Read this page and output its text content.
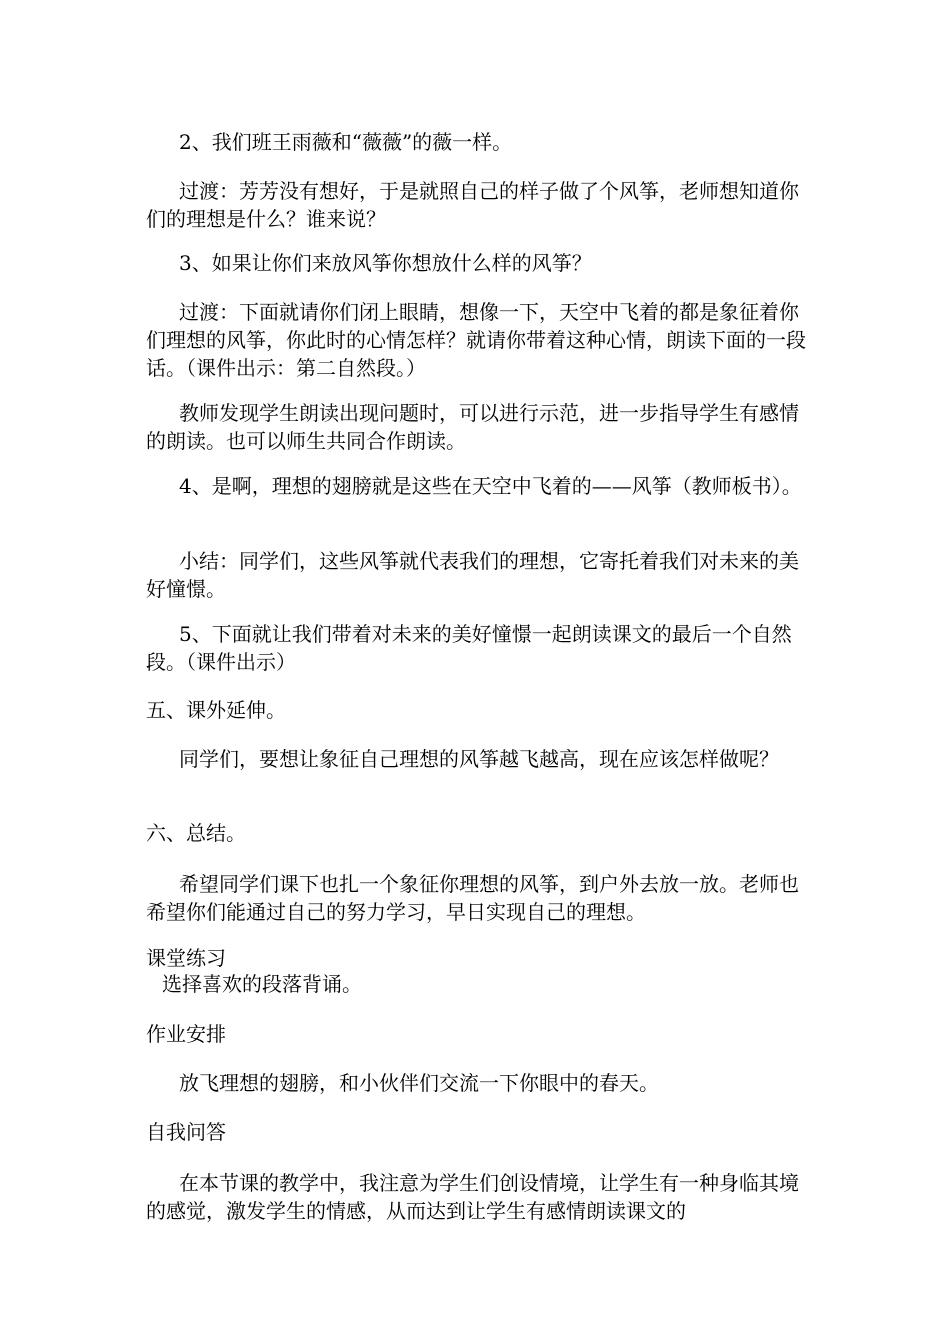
2、我们班王雨薇和“薇薇”的薇一样。

过渡：芳芳没有想好，于是就照自己的样子做了个风筝，老师想知道你们的理想是什么？谁来说？

3、如果让你们来放风筝你想放什么样的风筝？

过渡：下面就请你们闭上眼睛，想像一下，天空中飞着的都是象征着你们理想的风筝，你此时的心情怎样？就请你带着这种心情，朗读下面的一段话。（课件出示：第二自然段。）

教师发现学生朗读出现问题时，可以进行示范，进一步指导学生有感情的朗读。也可以师生共同合作朗读。

4、是啊，理想的翅膀就是这些在天空中飞着的——风筝（教师板书）。

小结：同学们，这些风筝就代表我们的理想，它寄托着我们对未来的美好憧憬。

5、下面就让我们带着对未来的美好憧憬一起朗读课文的最后一个自然段。（课件出示）

五、课外延伸。

同学们，要想让象征自己理想的风筝越飞越高，现在应该怎样做呢？

六、总结。

希望同学们课下也扎一个象征你理想的风筝，到户外去放一放。老师也希望你们能通过自己的努力学习，早日实现自己的理想。

课堂练习

选择喜欢的段落背诵。

作业安排

放飞理想的翅膀，和小伙伴们交流一下你眼中的春天。

自我问答

在本节课的教学中，我注意为学生们创设情境，让学生有一种身临其境的感觉，激发学生的情感，从而达到让学生有感情朗读课文的
